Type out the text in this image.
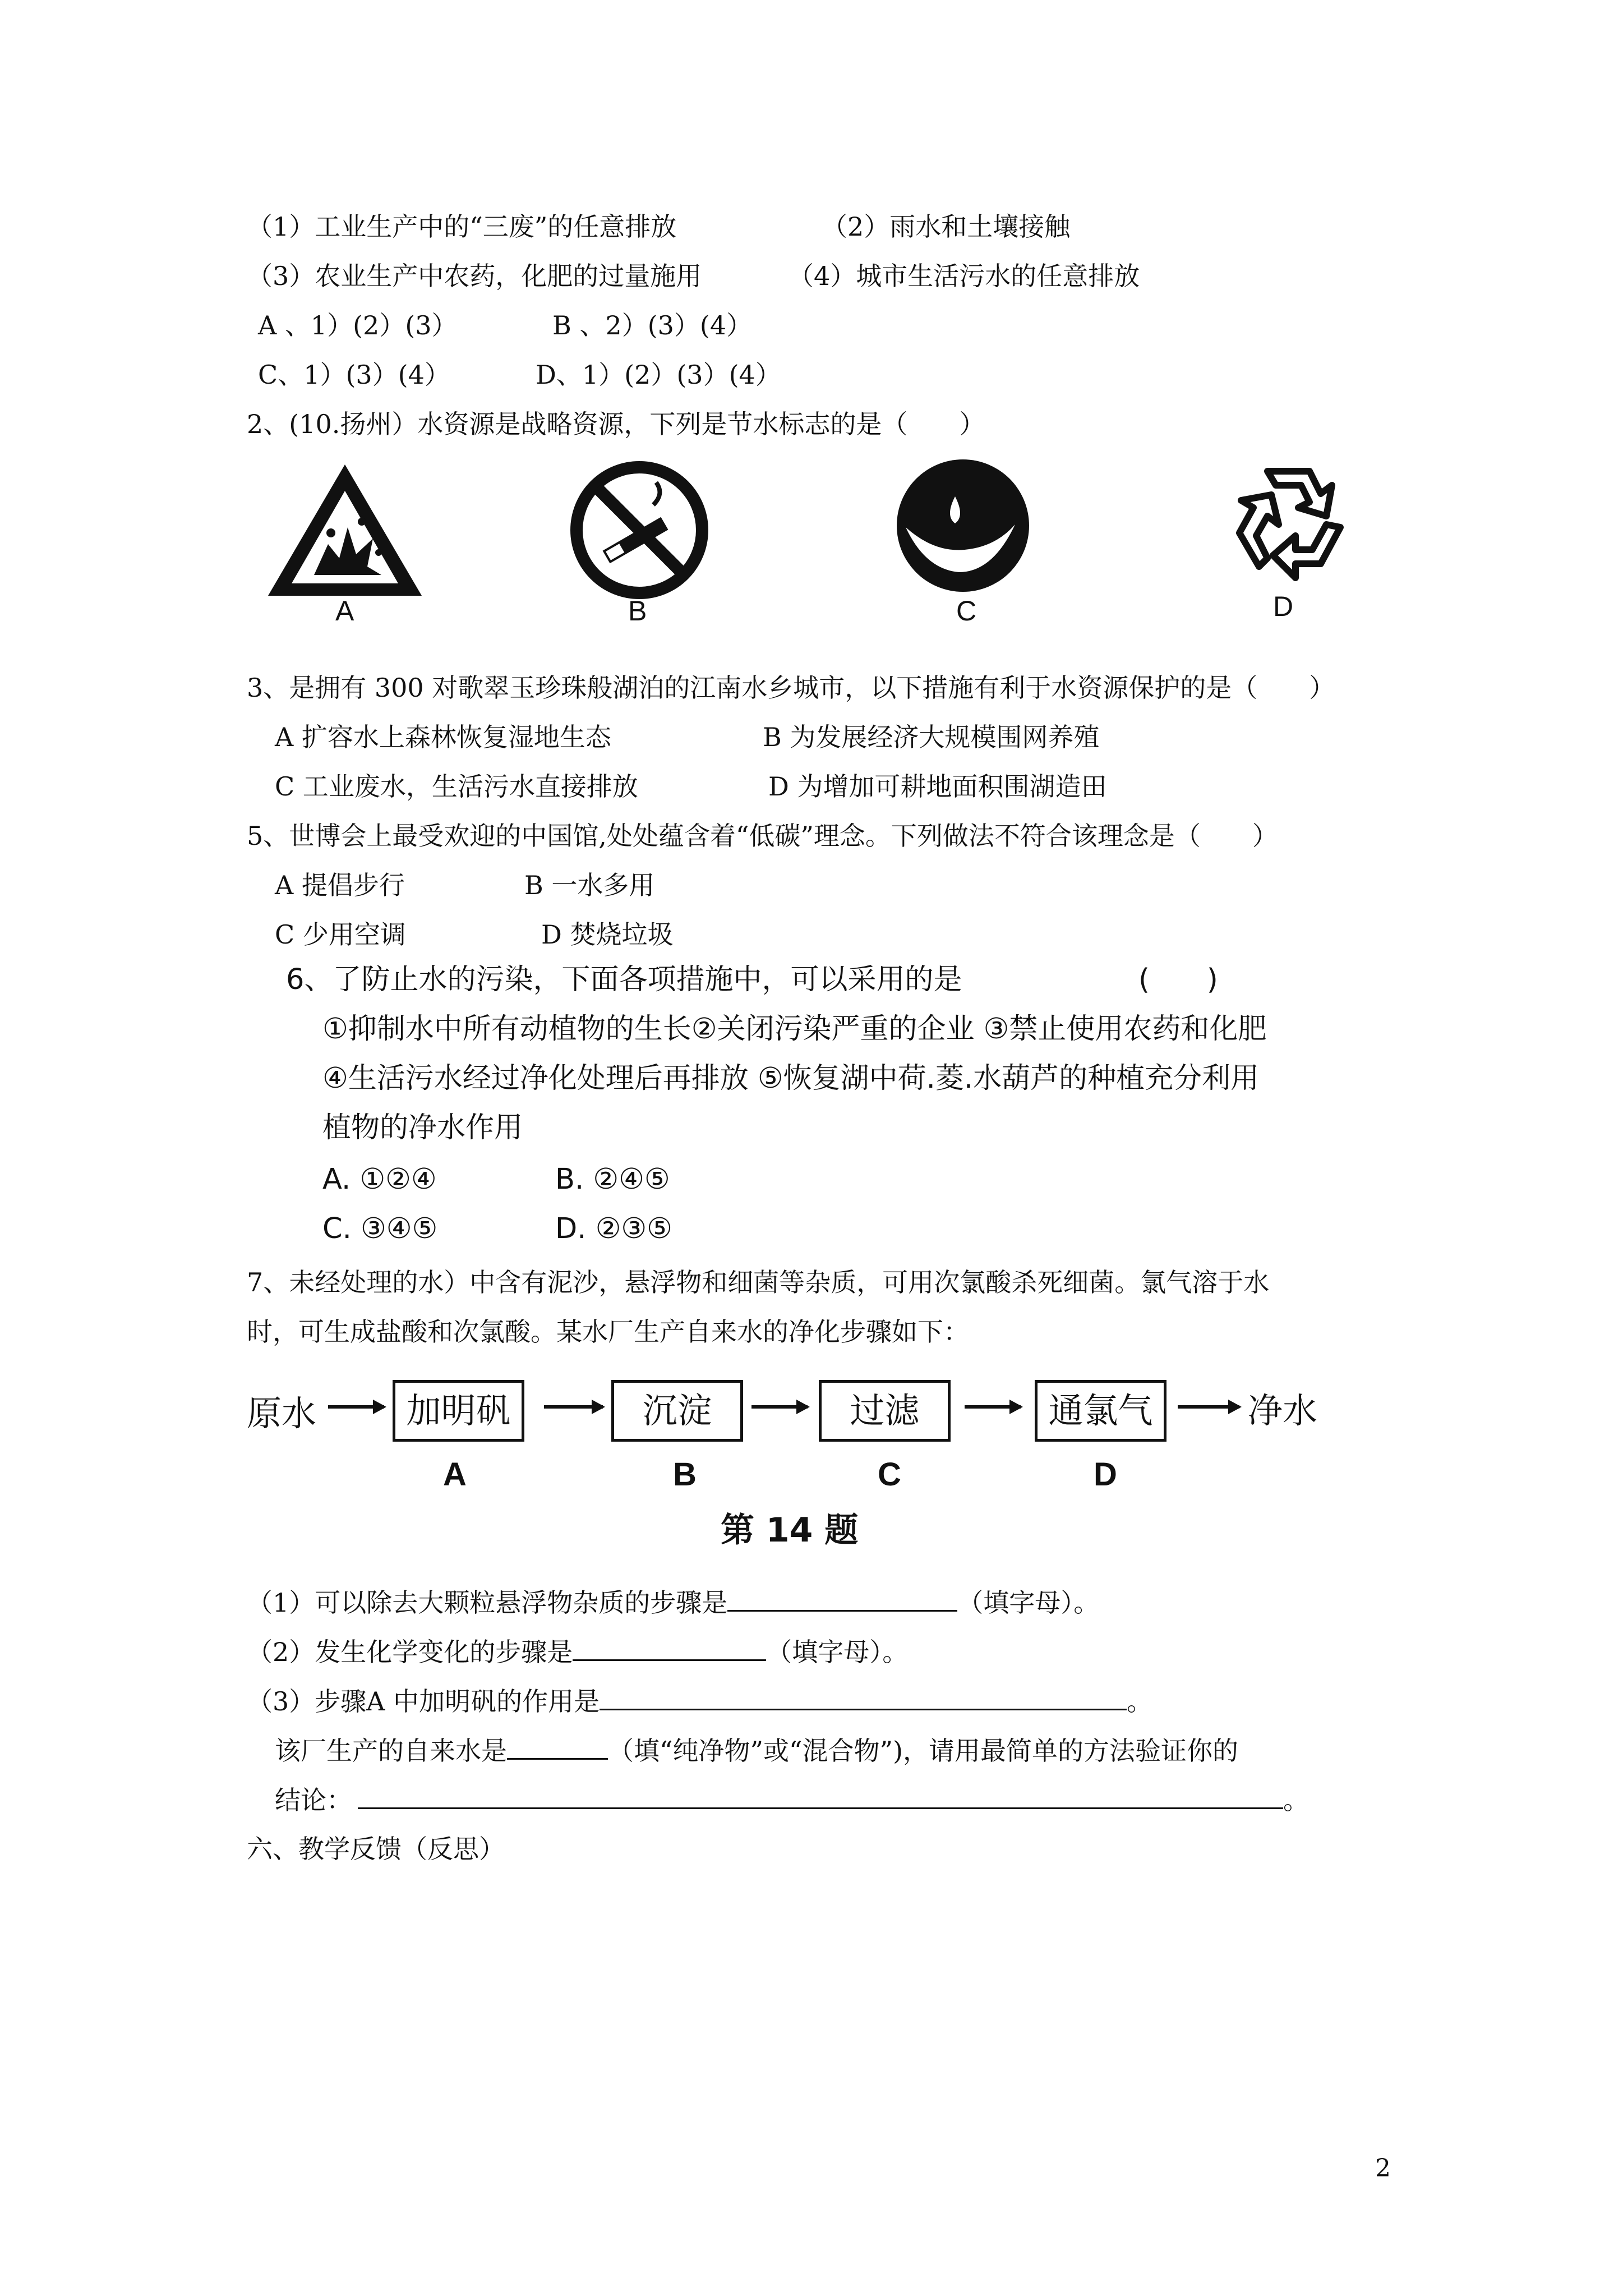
（1）工业生产中的“三废”的任意排放	（2）雨水和土壤接触
（3）农业生产中农药，化肥的过量施用	（4）城市生活污水的任意排放
A 、1）(2）(3）	B 、2）(3）(4）
C、1）(3）(4）	D、1）(2）(3）(4）
2、(10.扬州）水资源是战略资源，下列是节水标志的是（　　）
A	B	C	D
3、是拥有 300 对歌翠玉珍珠般湖泊的江南水乡城市，以下措施有利于水资源保护的是（　　）
A 扩容水上森林恢复湿地生态	B 为发展经济大规模围网养殖
C 工业废水，生活污水直接排放	D 为增加可耕地面积围湖造田
5、世博会上最受欢迎的中国馆,处处蕴含着“低碳”理念。下列做法不符合该理念是（　　）
A 提倡步行	B 一水多用
C 少用空调	D 焚烧垃圾
6、了防止水的污染，下面各项措施中，可以采用的是	(　　)
①抑制水中所有动植物的生长②关闭污染严重的企业 ③禁止使用农药和化肥
④生活污水经过净化处理后再排放 ⑤恢复湖中荷.菱.水葫芦的种植充分利用
植物的净水作用
A. ①②④	B. ②④⑤
C. ③④⑤	D. ②③⑤
7、未经处理的水）中含有泥沙，悬浮物和细菌等杂质，可用次氯酸杀死细菌。氯气溶于水
时，可生成盐酸和次氯酸。某水厂生产自来水的净化步骤如下：
原水	加明矾	沉淀	过滤	通氯气	净水
A	B	C	D
第 14 题
（1）可以除去大颗粒悬浮物杂质的步骤是	（填字母）。
（2）发生化学变化的步骤是	（填字母）。
（3）步骤A 中加明矾的作用是	。
该厂生产的自来水是	（填“纯净物”或“混合物”)，请用最简单的方法验证你的
结论：	。
六、教学反馈（反思）
2
